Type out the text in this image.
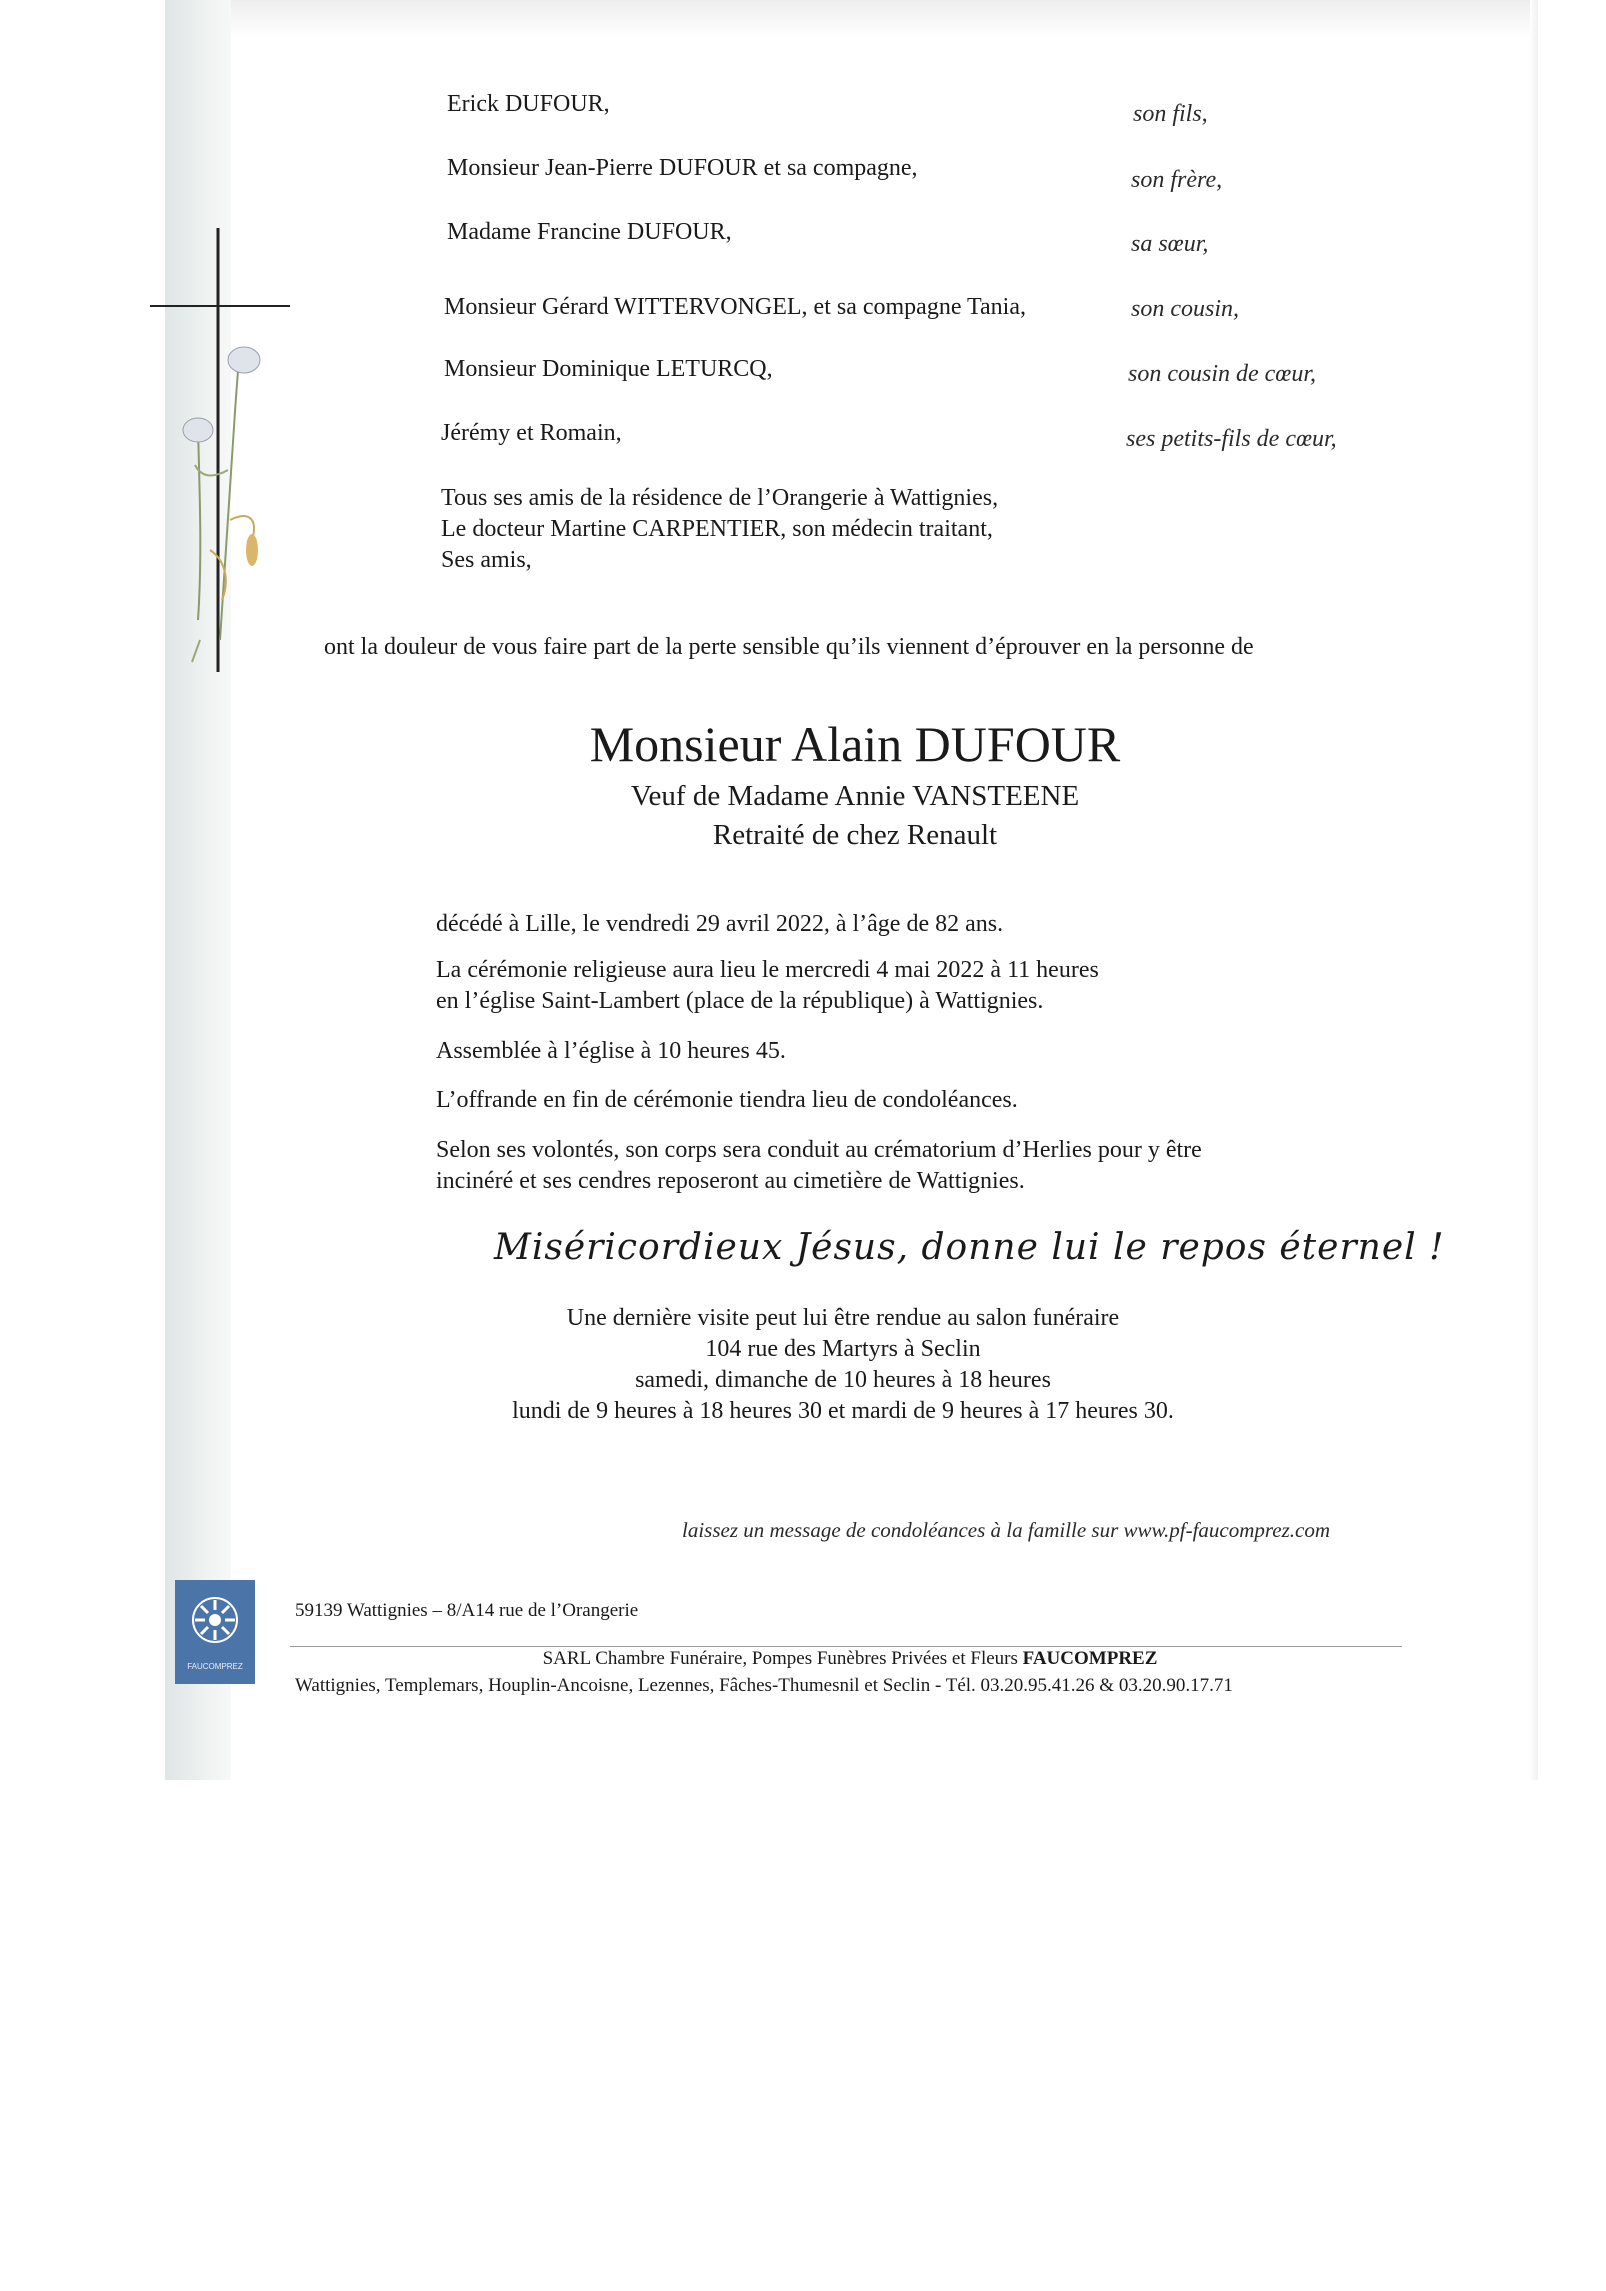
Erick DUFOUR,	son fils,
Monsieur Jean-Pierre DUFOUR et sa compagne,	son frère,
Madame Francine DUFOUR,	sa sœur,
Monsieur Gérard WITTERVONGEL, et sa compagne Tania,	son cousin,
Monsieur Dominique LETURCQ,	son cousin de cœur,
Jérémy et Romain,	ses petits-fils de cœur,
Tous ses amis de la résidence de l’Orangerie à Wattignies,
Le docteur Martine CARPENTIER, son médecin traitant,
Ses amis,
ont la douleur de vous faire part de la perte sensible qu’ils viennent d’éprouver en la personne de
Monsieur Alain DUFOUR
Veuf de Madame Annie VANSTEENE
Retraité de chez Renault

décédé à Lille, le vendredi 29 avril 2022, à l’âge de 82 ans.

La cérémonie religieuse aura lieu le mercredi 4 mai 2022 à 11 heures

en l’église Saint-Lambert (place de la république) à Wattignies.

Assemblée à l’église à 10 heures 45.

L’offrande en fin de cérémonie tiendra lieu de condoléances.

Selon ses volontés, son corps sera conduit au crématorium d’Herlies pour y être

incinéré et ses cendres reposeront au cimetière de Wattignies.

Miséricordieux Jésus, donne lui le repos éternel !
Une dernière visite peut lui être rendue au salon funéraire
104 rue des Martyrs à Seclin
samedi, dimanche de 10 heures à 18 heures
lundi de 9 heures à 18 heures 30 et mardi de 9 heures à 17 heures 30.
laissez un message de condoléances à la famille sur www.pf-faucomprez.com
FAUCOMPREZ
59139 Wattignies – 8/A14 rue de l’Orangerie
SARL Chambre Funéraire, Pompes Funèbres Privées et Fleurs FAUCOMPREZ
Wattignies, Templemars, Houplin-Ancoisne, Lezennes, Fâches-Thumesnil et Seclin - Tél. 03.20.95.41.26 & 03.20.90.17.71
